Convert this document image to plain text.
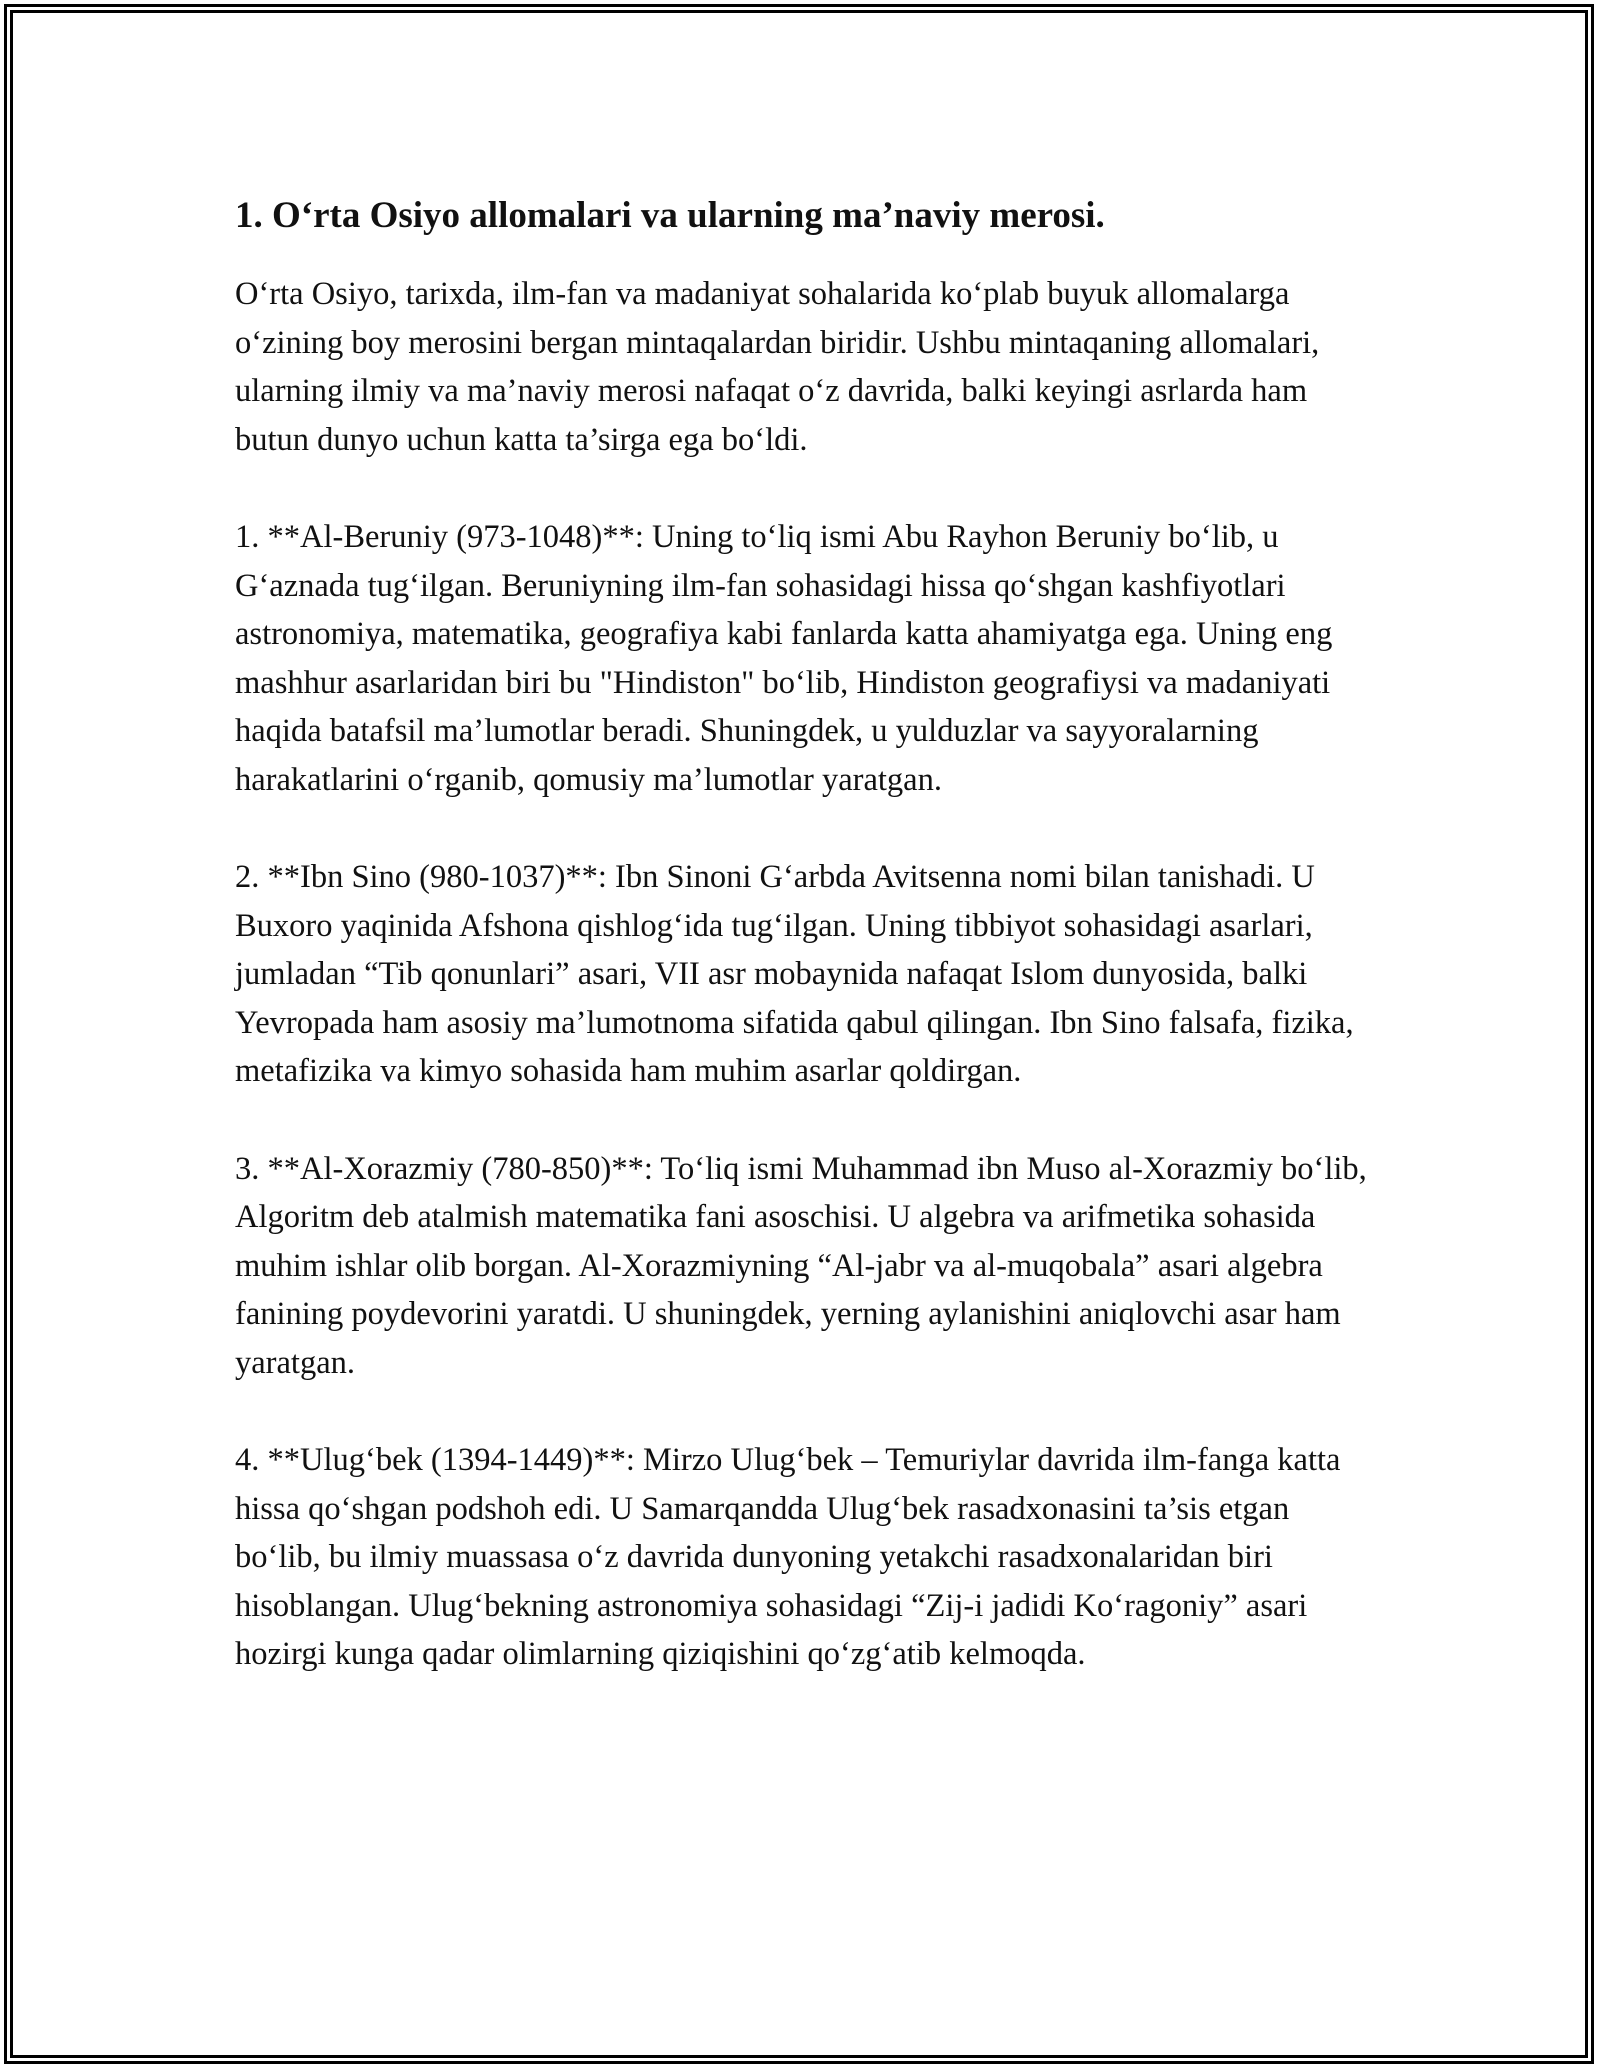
1. O‘rta Osiyo allomalari va ularning ma’naviy merosi.

O‘rta Osiyo, tarixda, ilm-fan va madaniyat sohalarida ko‘plab buyuk allomalarga o‘zining boy merosini bergan mintaqalardan biridir. Ushbu mintaqaning allomalari, ularning ilmiy va ma’naviy merosi nafaqat o‘z davrida, balki keyingi asrlarda ham butun dunyo uchun katta ta’sirga ega bo‘ldi.

1. **Al-Beruniy (973-1048)**: Uning to‘liq ismi Abu Rayhon Beruniy bo‘lib, u G‘aznada tug‘ilgan. Beruniyning ilm-fan sohasidagi hissa qo‘shgan kashfiyotlari astronomiya, matematika, geografiya kabi fanlarda katta ahamiyatga ega. Uning eng mashhur asarlaridan biri bu "Hindiston" bo‘lib, Hindiston geografiysi va madaniyati haqida batafsil ma’lumotlar beradi. Shuningdek, u yulduzlar va sayyoralarning harakatlarini o‘rganib, qomusiy ma’lumotlar yaratgan.

2. **Ibn Sino (980-1037)**: Ibn Sinoni G‘arbda Avitsenna nomi bilan tanishadi. U Buxoro yaqinida Afshona qishlog‘ida tug‘ilgan. Uning tibbiyot sohasidagi asarlari, jumladan “Tib qonunlari” asari, VII asr mobaynida nafaqat Islom dunyosida, balki Yevropada ham asosiy ma’lumotnoma sifatida qabul qilingan. Ibn Sino falsafa, fizika, metafizika va kimyo sohasida ham muhim asarlar qoldirgan.

3. **Al-Xorazmiy (780-850)**: To‘liq ismi Muhammad ibn Muso al-Xorazmiy bo‘lib, Algoritm deb atalmish matematika fani asoschisi. U algebra va arifmetika sohasida muhim ishlar olib borgan. Al-Xorazmiyning “Al-jabr va al-muqobala” asari algebra fanining poydevorini yaratdi. U shuningdek, yerning aylanishini aniqlovchi asar ham yaratgan.

4. **Ulug‘bek (1394-1449)**: Mirzo Ulug‘bek – Temuriylar davrida ilm-fanga katta hissa qo‘shgan podshoh edi. U Samarqandda Ulug‘bek rasadxonasini ta’sis etgan bo‘lib, bu ilmiy muassasa o‘z davrida dunyoning yetakchi rasadxonalaridan biri hisoblangan. Ulug‘bekning astronomiya sohasidagi “Zij-i jadidi Ko‘ragoniy” asari hozirgi kunga qadar olimlarning qiziqishini qo‘zg‘atib kelmoqda.
